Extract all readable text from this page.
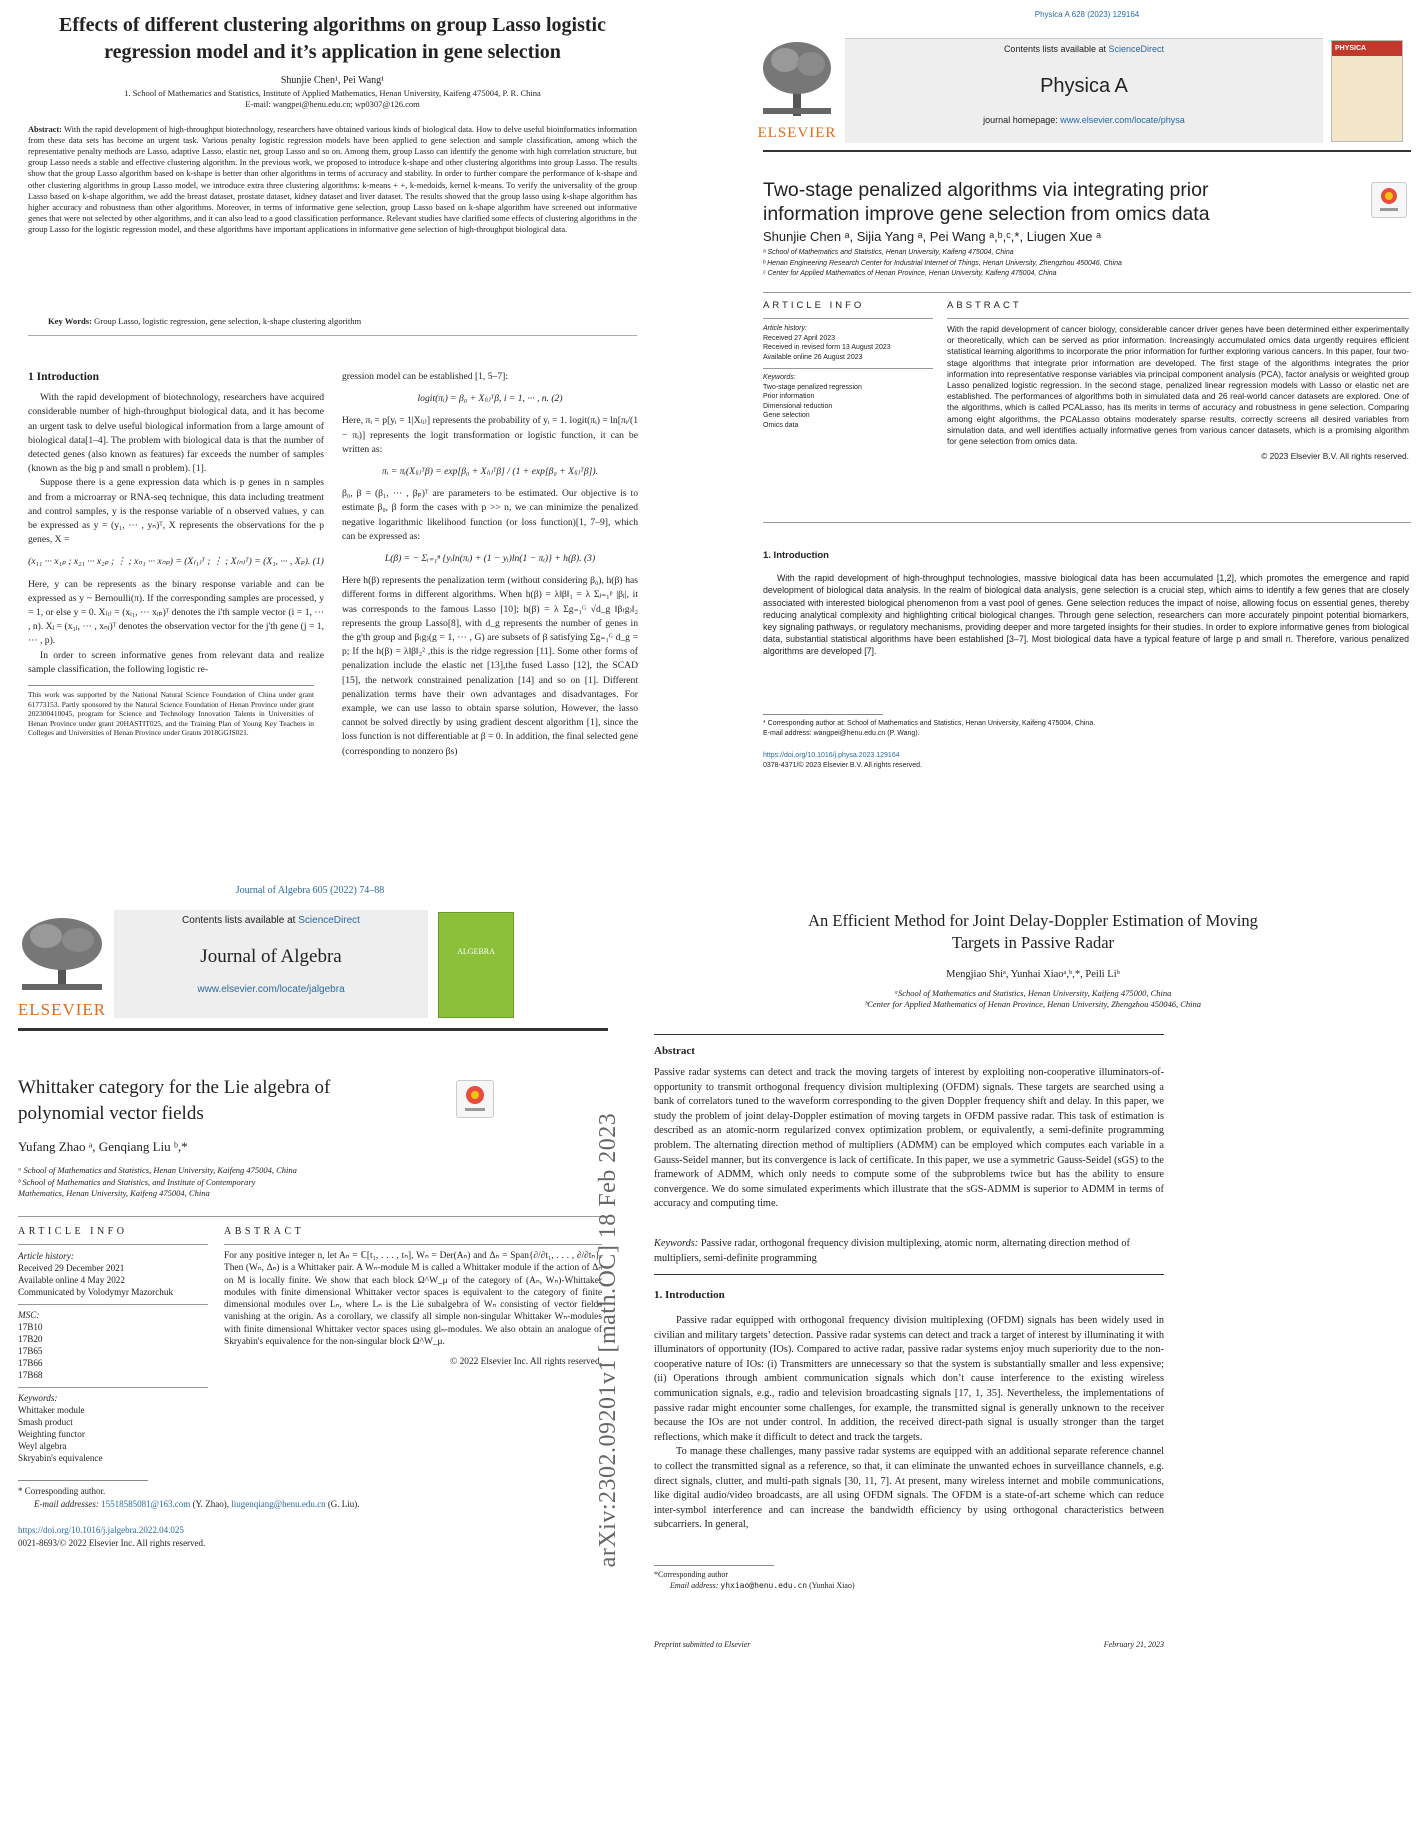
Effects of different clustering algorithms on group Lasso logistic
regression model and it’s application in gene selection
Shunjie Chen¹, Pei Wang¹
1. School of Mathematics and Statistics, Institute of Applied Mathematics, Henan University, Kaifeng 475004, P. R. China
E-mail: wangpei@henu.edu.cn; wp0307@126.com
Abstract: With the rapid development of high-throughput biotechnology, researchers have obtained various kinds of biological data. How to delve useful bioinformatics information from these data sets has become an urgent task. Various penalty logistic regression models have been applied to gene selection and sample classification, among which the representative penalty methods are Lasso, adaptive Lasso, elastic net, group Lasso and so on. Among them, group Lasso can identify the genome with high correlation structure, but group Lasso needs a stable and effective clustering algorithm. In the previous work, we proposed to introduce k-shape and other clustering algorithms into group Lasso. The results show that the group Lasso algorithm based on k-shape is better than other algorithms in terms of accuracy and stability. In order to further compare the performance of k-shape and other clustering algorithms in group Lasso model, we introduce extra three clustering algorithms: k-means + +, k-medoids, kernel k-means. To verify the universality of the group Lasso based on k-shape algorithm, we add the breast dataset, prostate dataset, kidney dataset and liver dataset. The results showed that the group lasso using k-shape algorithm has higher accuracy and robustness than other algorithms. Moreover, in terms of informative gene selection, group Lasso based on k-shape algorithm have screened out informative genes that were not selected by other algorithms, and it can also lead to a good classification performance. Relevant studies have clarified some effects of clustering algorithms in the group Lasso for the logistic regression model, and these algorithms have important applications in informative gene selection of high-throughput biological data.
Key Words: Group Lasso, logistic regression, gene selection, k-shape clustering algorithm
1 Introduction

With the rapid development of biotechnology, researchers have acquired considerable number of high-throughput biological data, and it has become an urgent task to delve useful biological information from a large amount of biological data[1–4]. The problem with biological data is that the number of detected genes (also known as features) far exceeds the number of samples (known as the big p and small n problem). [1].

Suppose there is a gene expression data which is p genes in n samples and from a microarray or RNA-seq technique, this data including treatment and control samples, y is the response variable of n observed values, y can be expressed as y = (y₁, ··· , yₙ)ᵀ, X represents the observations for the p genes, X =

(x₁₁ ··· x₁ₚ ; x₂₁ ··· x₂ₚ ; ⋮ ; xₙ₁ ··· xₙₚ) = (X₍₁₎ᵀ ; ⋮ ; X₍ₙ₎ᵀ) = (X₁, ··· , Xₚ). (1)

Here, y can be represents as the binary response variable and can be expressed as y ~ Bernoulli(π). If the corresponding samples are processed, y = 1, or else y = 0. X₍ᵢ₎ = (xᵢ₁, ··· xᵢₚ)ᵀ denotes the i'th sample vector (i = 1, ··· , n). Xⱼ = (x₁ⱼ, ··· , xₙⱼ)ᵀ denotes the observation vector for the j'th gene (j = 1, ··· , p).

In order to screen informative genes from relevant data and realize sample classification, the following logistic re-

This work was supported by the National Natural Science Foundation of China under grant 61773153. Partly sponsored by the Natural Science Foundation of Henan Province under grant 202300410045, program for Science and Technology Innovation Talents in Universities of Henan Province under grant 20HASTIT025, and the Training Plan of Young Key Teachers in Colleges and Universities of Henan Province under Grants 2018GGJS021.

gression model can be established [1, 5–7]:

logit(πᵢ) = β₀ + X₍ᵢ₎ᵀβ, i = 1, ··· , n. (2)

Here, πᵢ = p[yᵢ = 1|X₍ᵢ₎] represents the probability of yᵢ = 1. logit(πᵢ) = ln[πᵢ/(1 − πᵢ)] represents the logit transformation or logistic function, it can be written as:

πᵢ = πᵢ(X₍ᵢ₎ᵀβ) = exp[β₀ + X₍ᵢ₎ᵀβ] / (1 + exp[β₀ + X₍ᵢ₎ᵀβ]).

β₀, β = (β₁, ··· , βₚ)ᵀ are parameters to be estimated. Our objective is to estimate β₀, β form the cases with p >> n, we can minimize the penalized negative logarithmic likelihood function (or loss function)[1, 7–9], which can be expressed as:

L(β) = − Σᵢ₌₁ⁿ {yᵢln(πᵢ) + (1 − yᵢ)ln(1 − πᵢ)} + h(β). (3)

Here h(β) represents the penalization term (without considering β₀), h(β) has different forms in different algorithms. When h(β) = λ‖β‖₁ = λ Σⱼ₌₁ᵖ |βⱼ|, it was corresponds to the famous Lasso [10]; h(β) = λ Σg₌₁ᴳ √d_g ‖β₍g₎‖₂ represents the group Lasso[8], with d_g represents the number of genes in the g'th group and β₍g₎(g = 1, ··· , G) are subsets of β satisfying Σg₌₁ᴳ d_g = p; If the h(β) = λ‖β‖₂² ,this is the ridge regression [11]. Some other forms of penalization include the elastic net [13],the fused Lasso [12], the SCAD [15], the network constrained penalization [14] and so on [1]. Different penalization terms have their own advantages and disadvantages. For example, we can use lasso to obtain sparse solution, However, the lasso cannot be solved directly by using gradient descent algorithm [1], since the loss function is not differentiable at β = 0. In addition, the final selected gene (corresponding to nonzero βs)

Physica A 628 (2023) 129164
ELSEVIER
Contents lists available at ScienceDirect
Physica A
journal homepage: www.elsevier.com/locate/physa
PHYSICA
Two-stage penalized algorithms via integrating prior
information improve gene selection from omics data
Shunjie Chen ᵃ, Sijia Yang ᵃ, Pei Wang ᵃ,ᵇ,ᶜ,*, Liugen Xue ᵃ
ᵃ School of Mathematics and Statistics, Henan University, Kaifeng 475004, China
ᵇ Henan Engineering Research Center for Industrial Internet of Things, Henan University, Zhengzhou 450046, China
ᶜ Center for Applied Mathematics of Henan Province, Henan University, Kaifeng 475004, China
ARTICLE INFO	ABSTRACT
Article history:
Received 27 April 2023
Received in revised form 13 August 2023
Available online 26 August 2023
Keywords:
Two-stage penalized regression
Prior information
Dimensional reduction
Gene selection
Omics data
With the rapid development of cancer biology, considerable cancer driver genes have been determined either experimentally or theoretically, which can be served as prior information. Increasingly accumulated omics data urgently requires efficient statistical learning algorithms to incorporate the prior information for further exploring various cancers. In this paper, four two-stage algorithms that integrate prior information are developed. The first stage of the algorithms integrates the prior information into representative response variables via principal component analysis (PCA), factor analysis or weighted group Lasso penalized logistic regression. In the second stage, penalized linear regression models with Lasso or elastic net are established. The performances of algorithms both in simulated data and 26 real-world cancer datasets are explored. One of the algorithms, which is called PCALasso, has its merits in terms of accuracy and robustness in gene selection. Comparing among eight algorithms, the PCALasso obtains moderately sparse results, correctly screens all desired variables from simulation data, and well identifies actually informative genes from various cancer datasets, which is a promising algorithm for gene selection from omics data.
© 2023 Elsevier B.V. All rights reserved.
1. Introduction

With the rapid development of high-throughput technologies, massive biological data has been accumulated [1,2], which promotes the emergence and rapid development of biological data analysis. In the realm of biological data analysis, gene selection is a crucial step, which aims to identify a few genes that are closely associated with interested biological phenomenon from a vast pool of genes. Gene selection reduces the impact of noise, allowing focus on essential genes, thereby reducing analytical complexity and highlighting critical biological changes. Through gene selection, researchers can more accurately pinpoint potential biomarkers, key signaling pathways, or regulatory mechanisms, providing deeper and more targeted insights for their studies. In order to explore informative genes from biological data, substantial statistical algorithms have been established [3–7]. Most biological data have a typical feature of large p and small n. Therefore, various penalized algorithms are developed [7].

* Corresponding author at: School of Mathematics and Statistics, Henan University, Kaifeng 475004, China.
E-mail address: wangpei@henu.edu.cn (P. Wang).
https://doi.org/10.1016/j.physa.2023.129164
0378-4371/© 2023 Elsevier B.V. All rights reserved.
Journal of Algebra 605 (2022) 74–88
ELSEVIER
Contents lists available at ScienceDirect
Journal of Algebra
www.elsevier.com/locate/jalgebra
ALGEBRA
Whittaker category for the Lie algebra of
polynomial vector fields
Yufang Zhao ᵃ, Genqiang Liu ᵇ,*
ᵃ School of Mathematics and Statistics, Henan University, Kaifeng 475004, China
ᵇ School of Mathematics and Statistics, and Institute of Contemporary
Mathematics, Henan University, Kaifeng 475004, China
ARTICLE INFO	ABSTRACT
Article history:
Received 29 December 2021
Available online 4 May 2022
Communicated by Volodymyr Mazorchuk
MSC:
17B10
17B20
17B65
17B66
17B68
Keywords:
Whittaker module
Smash product
Weighting functor
Weyl algebra
Skryabin's equivalence
For any positive integer n, let Aₙ = ℂ[t₁, . . . , tₙ], Wₙ = Der(Aₙ) and Δₙ = Span{∂/∂t₁, . . . , ∂/∂tₙ}. Then (Wₙ, Δₙ) is a Whittaker pair. A Wₙ-module M is called a Whittaker module if the action of Δₙ on M is locally finite. We show that each block Ω^W_μ of the category of (Aₙ, Wₙ)-Whittaker modules with finite dimensional Whittaker vector spaces is equivalent to the category of finite dimensional modules over Lₙ, where Lₙ is the Lie subalgebra of Wₙ consisting of vector fields vanishing at the origin. As a corollary, we classify all simple non-singular Whittaker Wₙ-modules with finite dimensional Whittaker vector spaces using glₙ-modules. We also obtain an analogue of Skryabin's equivalence for the non-singular block Ω^W_μ.
© 2022 Elsevier Inc. All rights reserved.
* Corresponding author.
E-mail addresses: 15518585081@163.com (Y. Zhao), liugenqiang@henu.edu.cn (G. Liu).
https://doi.org/10.1016/j.jalgebra.2022.04.025
0021-8693/© 2022 Elsevier Inc. All rights reserved.	arXiv:2302.09201v1 [math.OC] 18 Feb 2023
An Efficient Method for Joint Delay-Doppler Estimation of Moving
Targets in Passive Radar
Mengjiao Shiᵃ, Yunhai Xiaoᵃ,ᵇ,*, Peili Liᵇ
ᵃSchool of Mathematics and Statistics, Henan University, Kaifeng 475000, China
ᵇCenter for Applied Mathematics of Henan Province, Henan University, Zhengzhou 450046, China
Abstract
Passive radar systems can detect and track the moving targets of interest by exploiting non-cooperative illuminators-of-opportunity to transmit orthogonal frequency division multiplexing (OFDM) signals. These targets are searched using a bank of correlators tuned to the waveform corresponding to the given Doppler frequency shift and delay. In this paper, we study the problem of joint delay-Doppler estimation of moving targets in OFDM passive radar. This task of estimation is described as an atomic-norm regularized convex optimization problem, or equivalently, a semi-definite programming problem. The alternating direction method of multipliers (ADMM) can be employed which computes each variable in a Gauss-Seidel manner, but its convergence is lack of certificate. In this paper, we use a symmetric Gauss-Seidel (sGS) to the framework of ADMM, which only needs to compute some of the subproblems twice but has the ability to ensure convergence. We do some simulated experiments which illustrate that the sGS-ADMM is superior to ADMM in terms of accuracy and computing time.
Keywords: Passive radar, orthogonal frequency division multiplexing, atomic norm, alternating direction method of multipliers, semi-definite programming
1. Introduction

Passive radar equipped with orthogonal frequency division multiplexing (OFDM) signals has been widely used in civilian and military targets’ detection. Passive radar systems can detect and track a target of interest by illuminating it with illuminators of opportunity (IOs). Compared to active radar, passive radar systems enjoy much superiority due to the non-cooperative nature of IOs: (i) Transmitters are unnecessary so that the system is substantially smaller and less expensive; (ii) Operations through ambient communication signals which don’t cause interference to the existing wireless communication signals, e.g., radio and television broadcasting signals [17, 1, 35]. Nevertheless, the implementations of passive radar might encounter some challenges, for example, the transmitted signal is generally unknown to the receiver because the IOs are not under control. In addition, the received direct-path signal is usually stronger than the target reflections, which make it difficult to detect and track the targets.

To manage these challenges, many passive radar systems are equipped with an additional separate reference channel to collect the transmitted signal as a reference, so that, it can eliminate the unwanted echoes in surveillance channels, e.g. direct signals, clutter, and multi-path signals [30, 11, 7]. At present, many wireless internet and mobile communications, like digital audio/video broadcasts, are all using OFDM signals. The OFDM is a state-of-art scheme which can reduce inter-symbol interference and can increase the bandwidth efficiency by using orthogonal characteristics between subcarriers. In general,

*Corresponding author
Email address: yhxiao@henu.edu.cn (Yunhai Xiao)
Preprint submitted to Elsevier	February 21, 2023
